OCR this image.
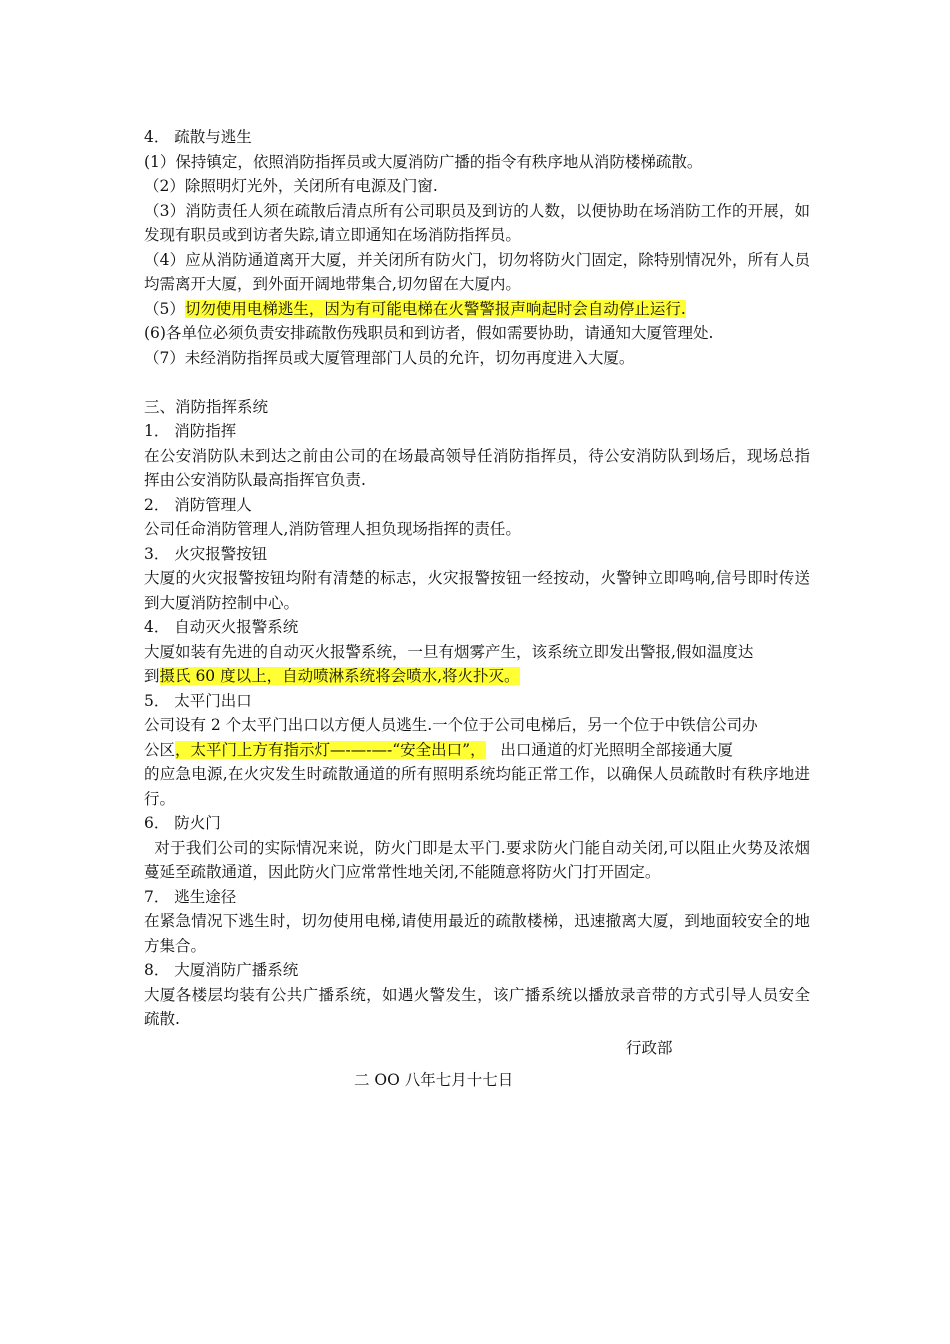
4． 疏散与逃生
(1）保持镇定，依照消防指挥员或大厦消防广播的指令有秩序地从消防楼梯疏散。
（2）除照明灯光外，关闭所有电源及门窗.
（3）消防责任人须在疏散后清点所有公司职员及到访的人数，以便协助在场消防工作的开展，如发现有职员或到访者失踪,请立即通知在场消防指挥员。
（4）应从消防通道离开大厦，并关闭所有防火门，切勿将防火门固定，除特别情况外，所有人员均需离开大厦，到外面开阔地带集合,切勿留在大厦内。
（5）切勿使用电梯逃生，因为有可能电梯在火警警报声响起时会自动停止运行.
(6)各单位必须负责安排疏散伤残职员和到访者，假如需要协助，请通知大厦管理处.
（7）未经消防指挥员或大厦管理部门人员的允许，切勿再度进入大厦。
三、消防指挥系统
1． 消防指挥
在公安消防队未到达之前由公司的在场最高领导任消防指挥员，待公安消防队到场后，现场总指挥由公安消防队最高指挥官负责.
2． 消防管理人
公司任命消防管理人,消防管理人担负现场指挥的责任。
3． 火灾报警按钮
大厦的火灾报警按钮均附有清楚的标志，火灾报警按钮一经按动，火警钟立即鸣响,信号即时传送到大厦消防控制中心。
4． 自动灭火报警系统
大厦如装有先进的自动灭火报警系统，一旦有烟雾产生，该系统立即发出警报,假如温度达
到摄氏 60 度以上，自动喷淋系统将会喷水,将火扑灭。
5． 太平门出口
公司设有 2 个太平门出口以方便人员逃生.一个位于公司电梯后，另一个位于中铁信公司办
公区，太平门上方有指示灯—-—-—-“安全出口”，   出口通道的灯光照明全部接通大厦
的应急电源,在火灾发生时疏散通道的所有照明系统均能正常工作，以确保人员疏散时有秩序地进行。
6． 防火门
对于我们公司的实际情况来说，防火门即是太平门.要求防火门能自动关闭,可以阻止火势及浓烟蔓延至疏散通道，因此防火门应常常性地关闭,不能随意将防火门打开固定。
7． 逃生途径
在紧急情况下逃生时，切勿使用电梯,请使用最近的疏散楼梯，迅速撤离大厦，到地面较安全的地方集合。
8． 大厦消防广播系统
大厦各楼层均装有公共广播系统，如遇火警发生，该广播系统以播放录音带的方式引导人员安全疏散.
行政部
二 OO 八年七月十七日
